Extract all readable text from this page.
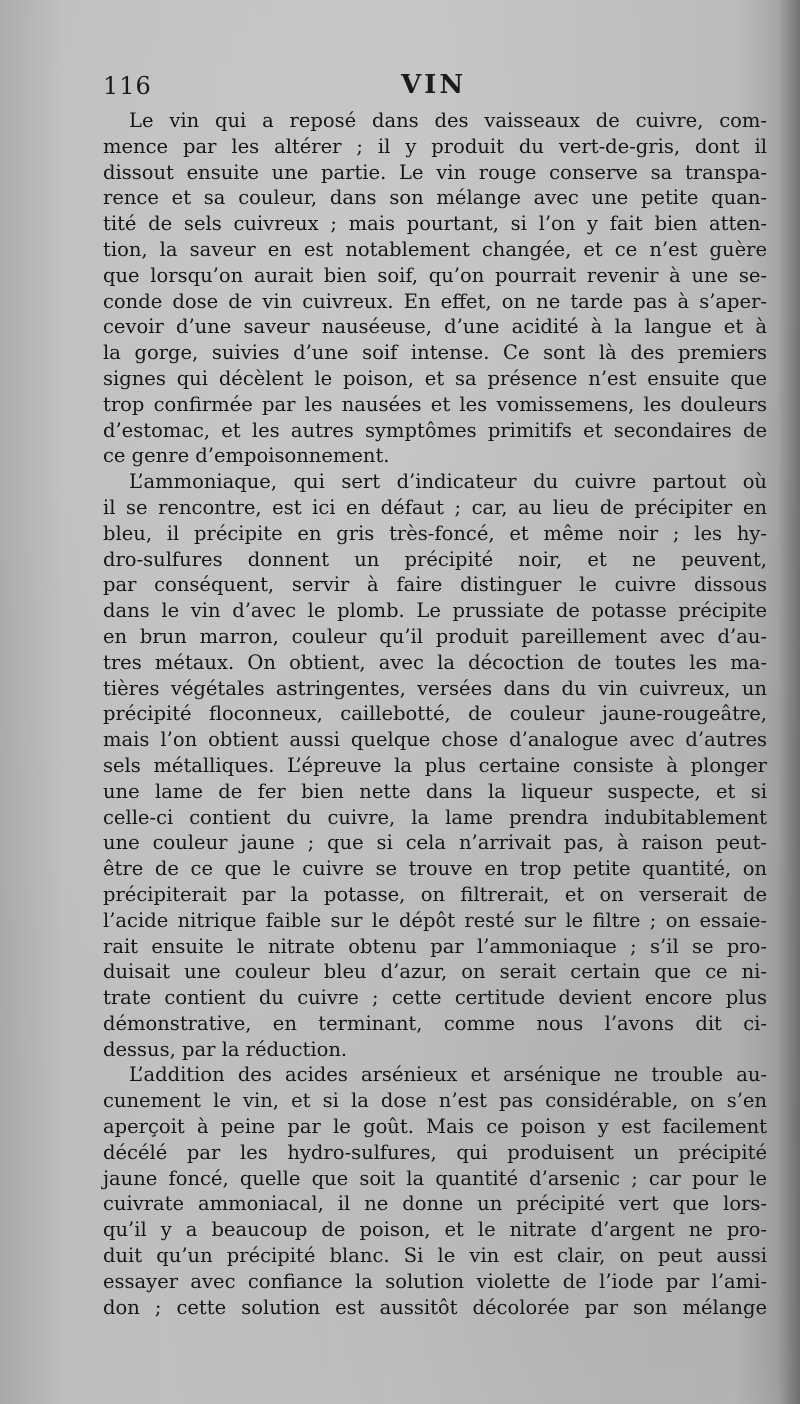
116	VIN
Le vin qui a reposé dans des vaisseaux de cuivre, com-
mence par les altérer ; il y produit du vert-de-gris, dont il
dissout ensuite une partie. Le vin rouge conserve sa transpa-
rence et sa couleur, dans son mélange avec une petite quan-
tité de sels cuivreux ; mais pourtant, si l’on y fait bien atten-
tion, la saveur en est notablement changée, et ce n’est guère
que lorsqu’on aurait bien soif, qu’on pourrait revenir à une se-
conde dose de vin cuivreux. En effet, on ne tarde pas à s’aper-
cevoir d’une saveur nauséeuse, d’une acidité à la langue et à
la gorge, suivies d’une soif intense. Ce sont là des premiers
signes qui décèlent le poison, et sa présence n’est ensuite que
trop confirmée par les nausées et les vomissemens, les douleurs
d’estomac, et les autres symptômes primitifs et secondaires de
ce genre d’empoisonnement.
L’ammoniaque, qui sert d’indicateur du cuivre partout où
il se rencontre, est ici en défaut ; car, au lieu de précipiter en
bleu, il précipite en gris très-foncé, et même noir ; les hy-
dro-sulfures donnent un précipité noir, et ne peuvent,
par conséquent, servir à faire distinguer le cuivre dissous
dans le vin d’avec le plomb. Le prussiate de potasse précipite
en brun marron, couleur qu’il produit pareillement avec d’au-
tres métaux. On obtient, avec la décoction de toutes les ma-
tières végétales astringentes, versées dans du vin cuivreux, un
précipité floconneux, caillebotté, de couleur jaune-rougeâtre,
mais l’on obtient aussi quelque chose d’analogue avec d’autres
sels métalliques. L’épreuve la plus certaine consiste à plonger
une lame de fer bien nette dans la liqueur suspecte, et si
celle-ci contient du cuivre, la lame prendra indubitablement
une couleur jaune ; que si cela n’arrivait pas, à raison peut-
être de ce que le cuivre se trouve en trop petite quantité, on
précipiterait par la potasse, on filtrerait, et on verserait de
l’acide nitrique faible sur le dépôt resté sur le filtre ; on essaie-
rait ensuite le nitrate obtenu par l’ammoniaque ; s’il se pro-
duisait une couleur bleu d’azur, on serait certain que ce ni-
trate contient du cuivre ; cette certitude devient encore plus
démonstrative, en terminant, comme nous l’avons dit ci-
dessus, par la réduction.
L’addition des acides arsénieux et arsénique ne trouble au-
cunement le vin, et si la dose n’est pas considérable, on s’en
aperçoit à peine par le goût. Mais ce poison y est facilement
décélé par les hydro-sulfures, qui produisent un précipité
jaune foncé, quelle que soit la quantité d’arsenic ; car pour le
cuivrate ammoniacal, il ne donne un précipité vert que lors-
qu’il y a beaucoup de poison, et le nitrate d’argent ne pro-
duit qu’un précipité blanc. Si le vin est clair, on peut aussi
essayer avec confiance la solution violette de l’iode par l’ami-
don ; cette solution est aussitôt décolorée par son mélange
